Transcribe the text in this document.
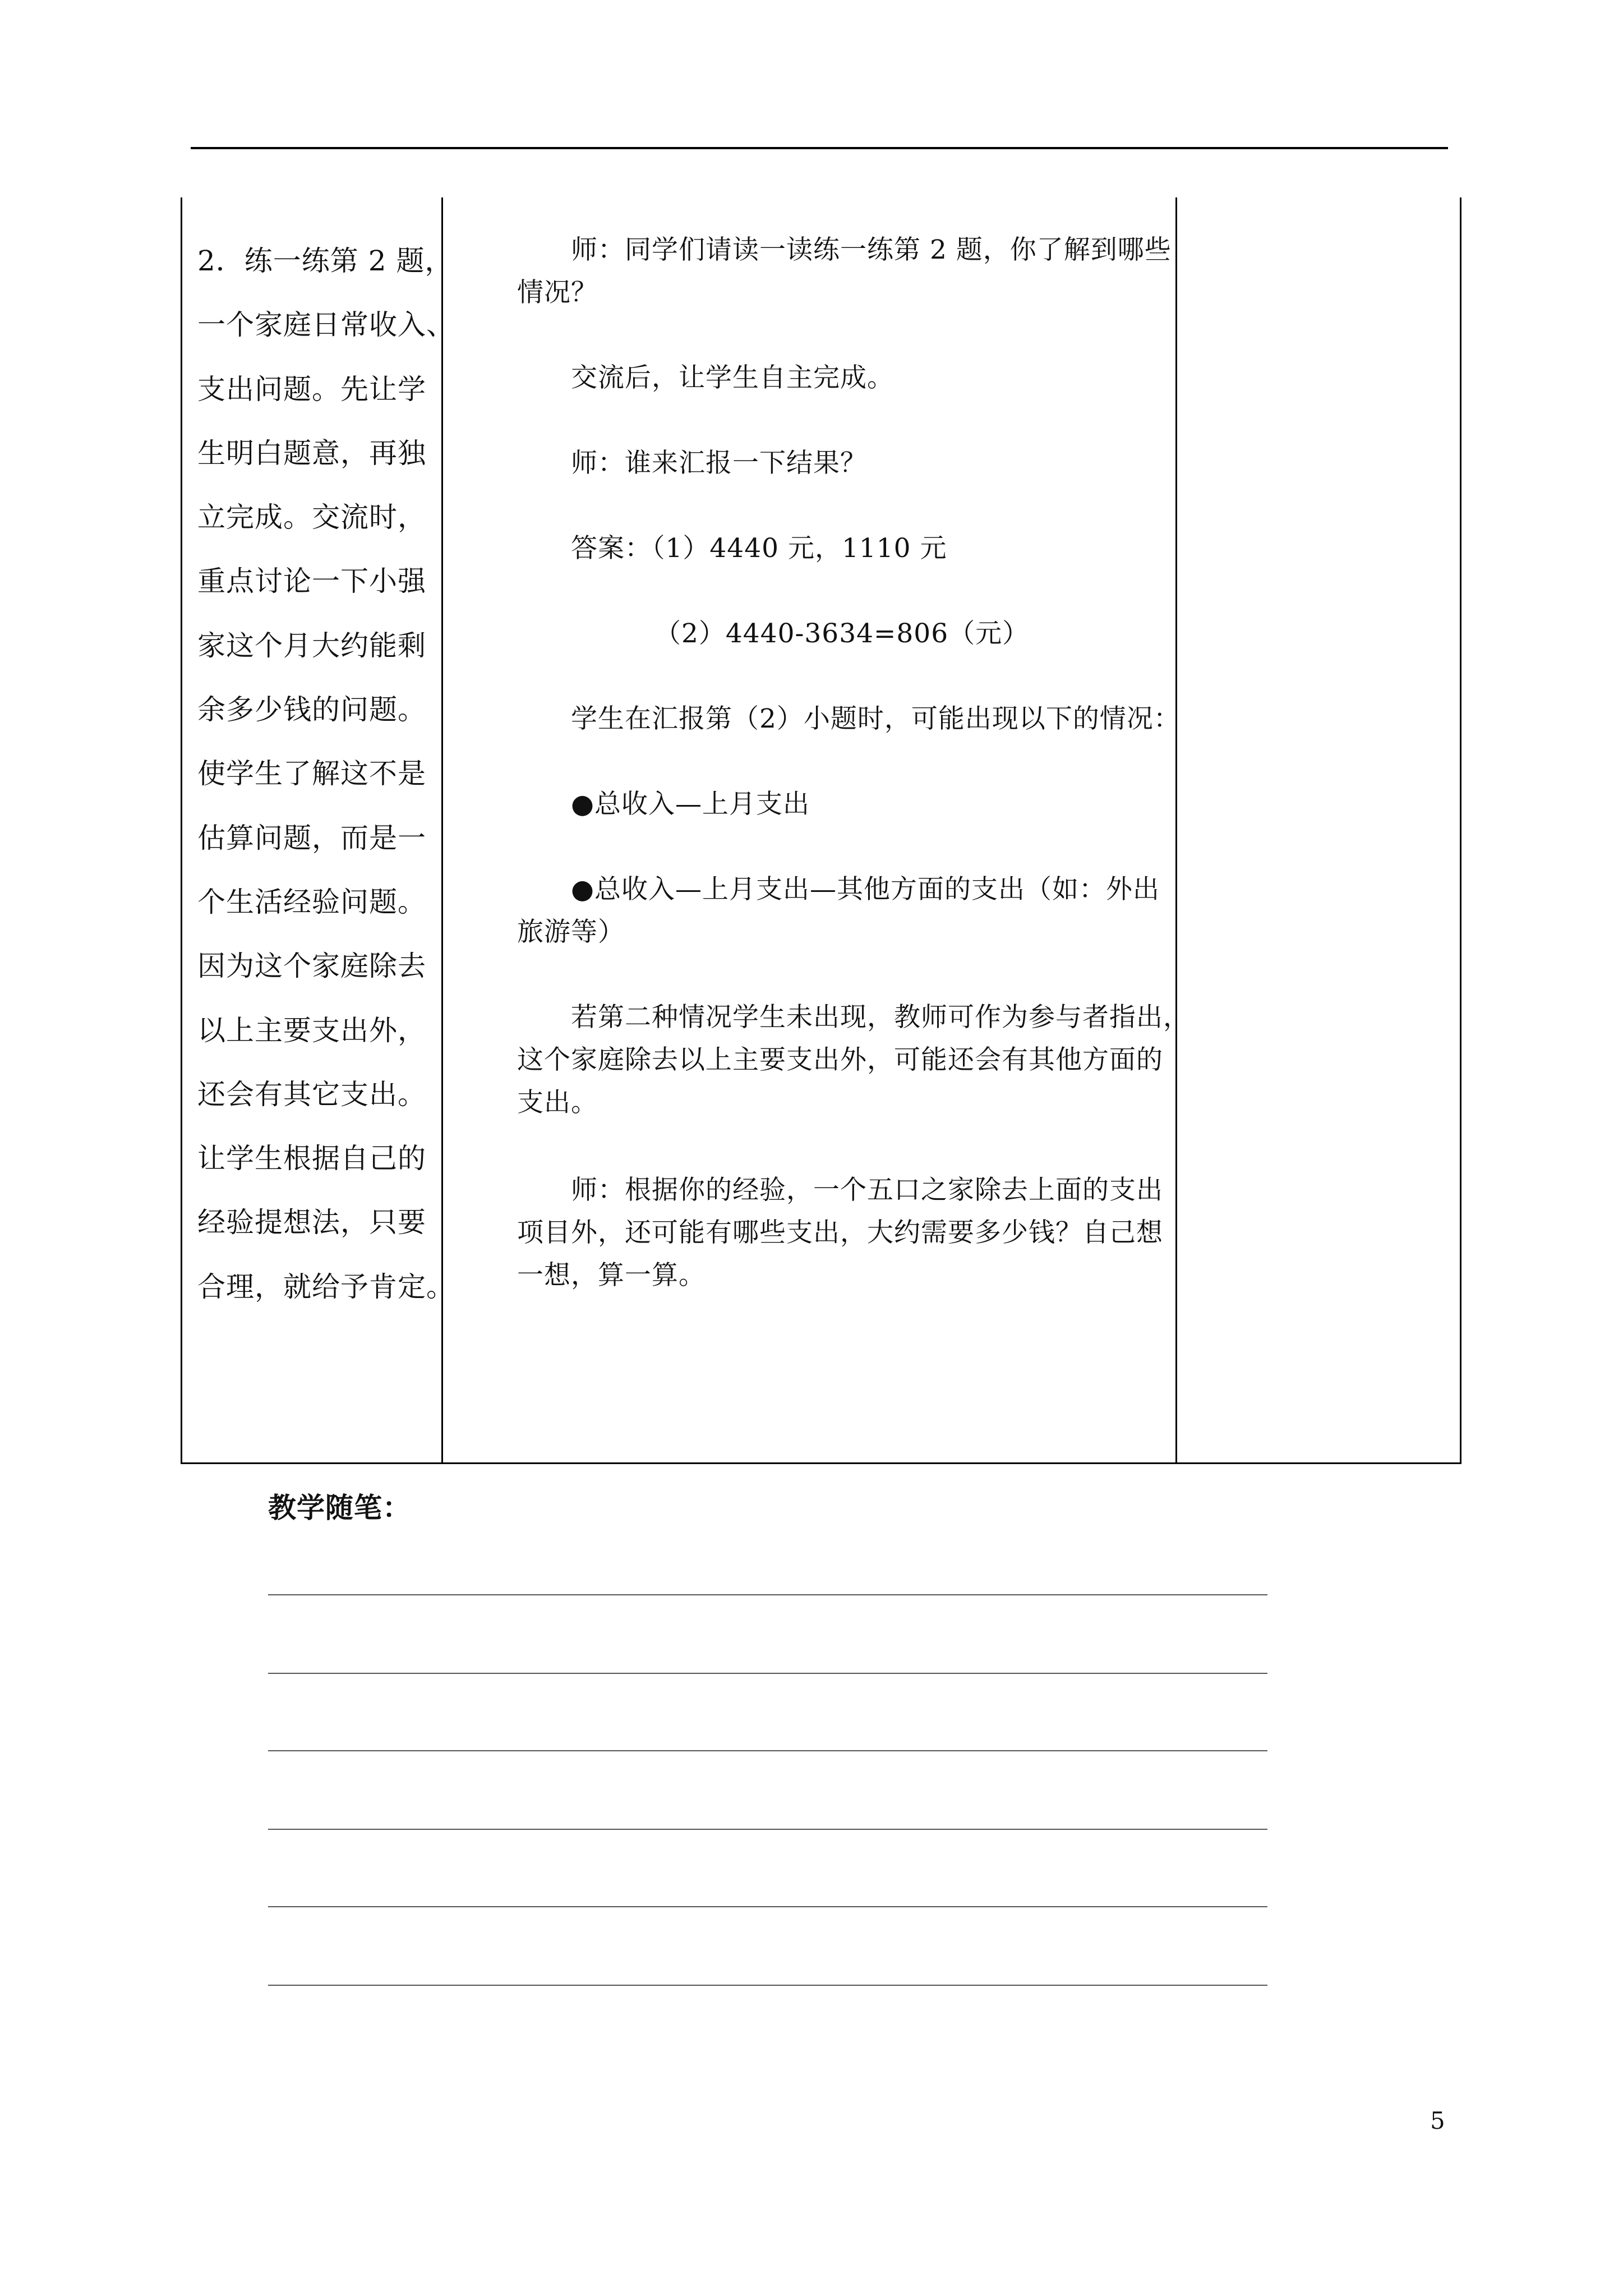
2．练一练第 2 题，

一个家庭日常收入、

支出问题。先让学

生明白题意，再独

立完成。交流时，

重点讨论一下小强

家这个月大约能剩

余多少钱的问题。

使学生了解这不是

估算问题，而是一

个生活经验问题。

因为这个家庭除去

以上主要支出外，

还会有其它支出。

让学生根据自己的

经验提想法，只要

合理，就给予肯定。

师：同学们请读一读练一练第 2 题，你了解到哪些

情况？

交流后，让学生自主完成。

师：谁来汇报一下结果？

答案：（1）4440 元，1110 元

（2）4440-3634=806（元）

学生在汇报第（2）小题时，可能出现以下的情况：

●总收入—上月支出

●总收入—上月支出—其他方面的支出（如：外出

旅游等）

若第二种情况学生未出现，教师可作为参与者指出，

这个家庭除去以上主要支出外，可能还会有其他方面的

支出。

师：根据你的经验，一个五口之家除去上面的支出

项目外，还可能有哪些支出，大约需要多少钱？自己想

一想，算一算。

教学随笔：
5
